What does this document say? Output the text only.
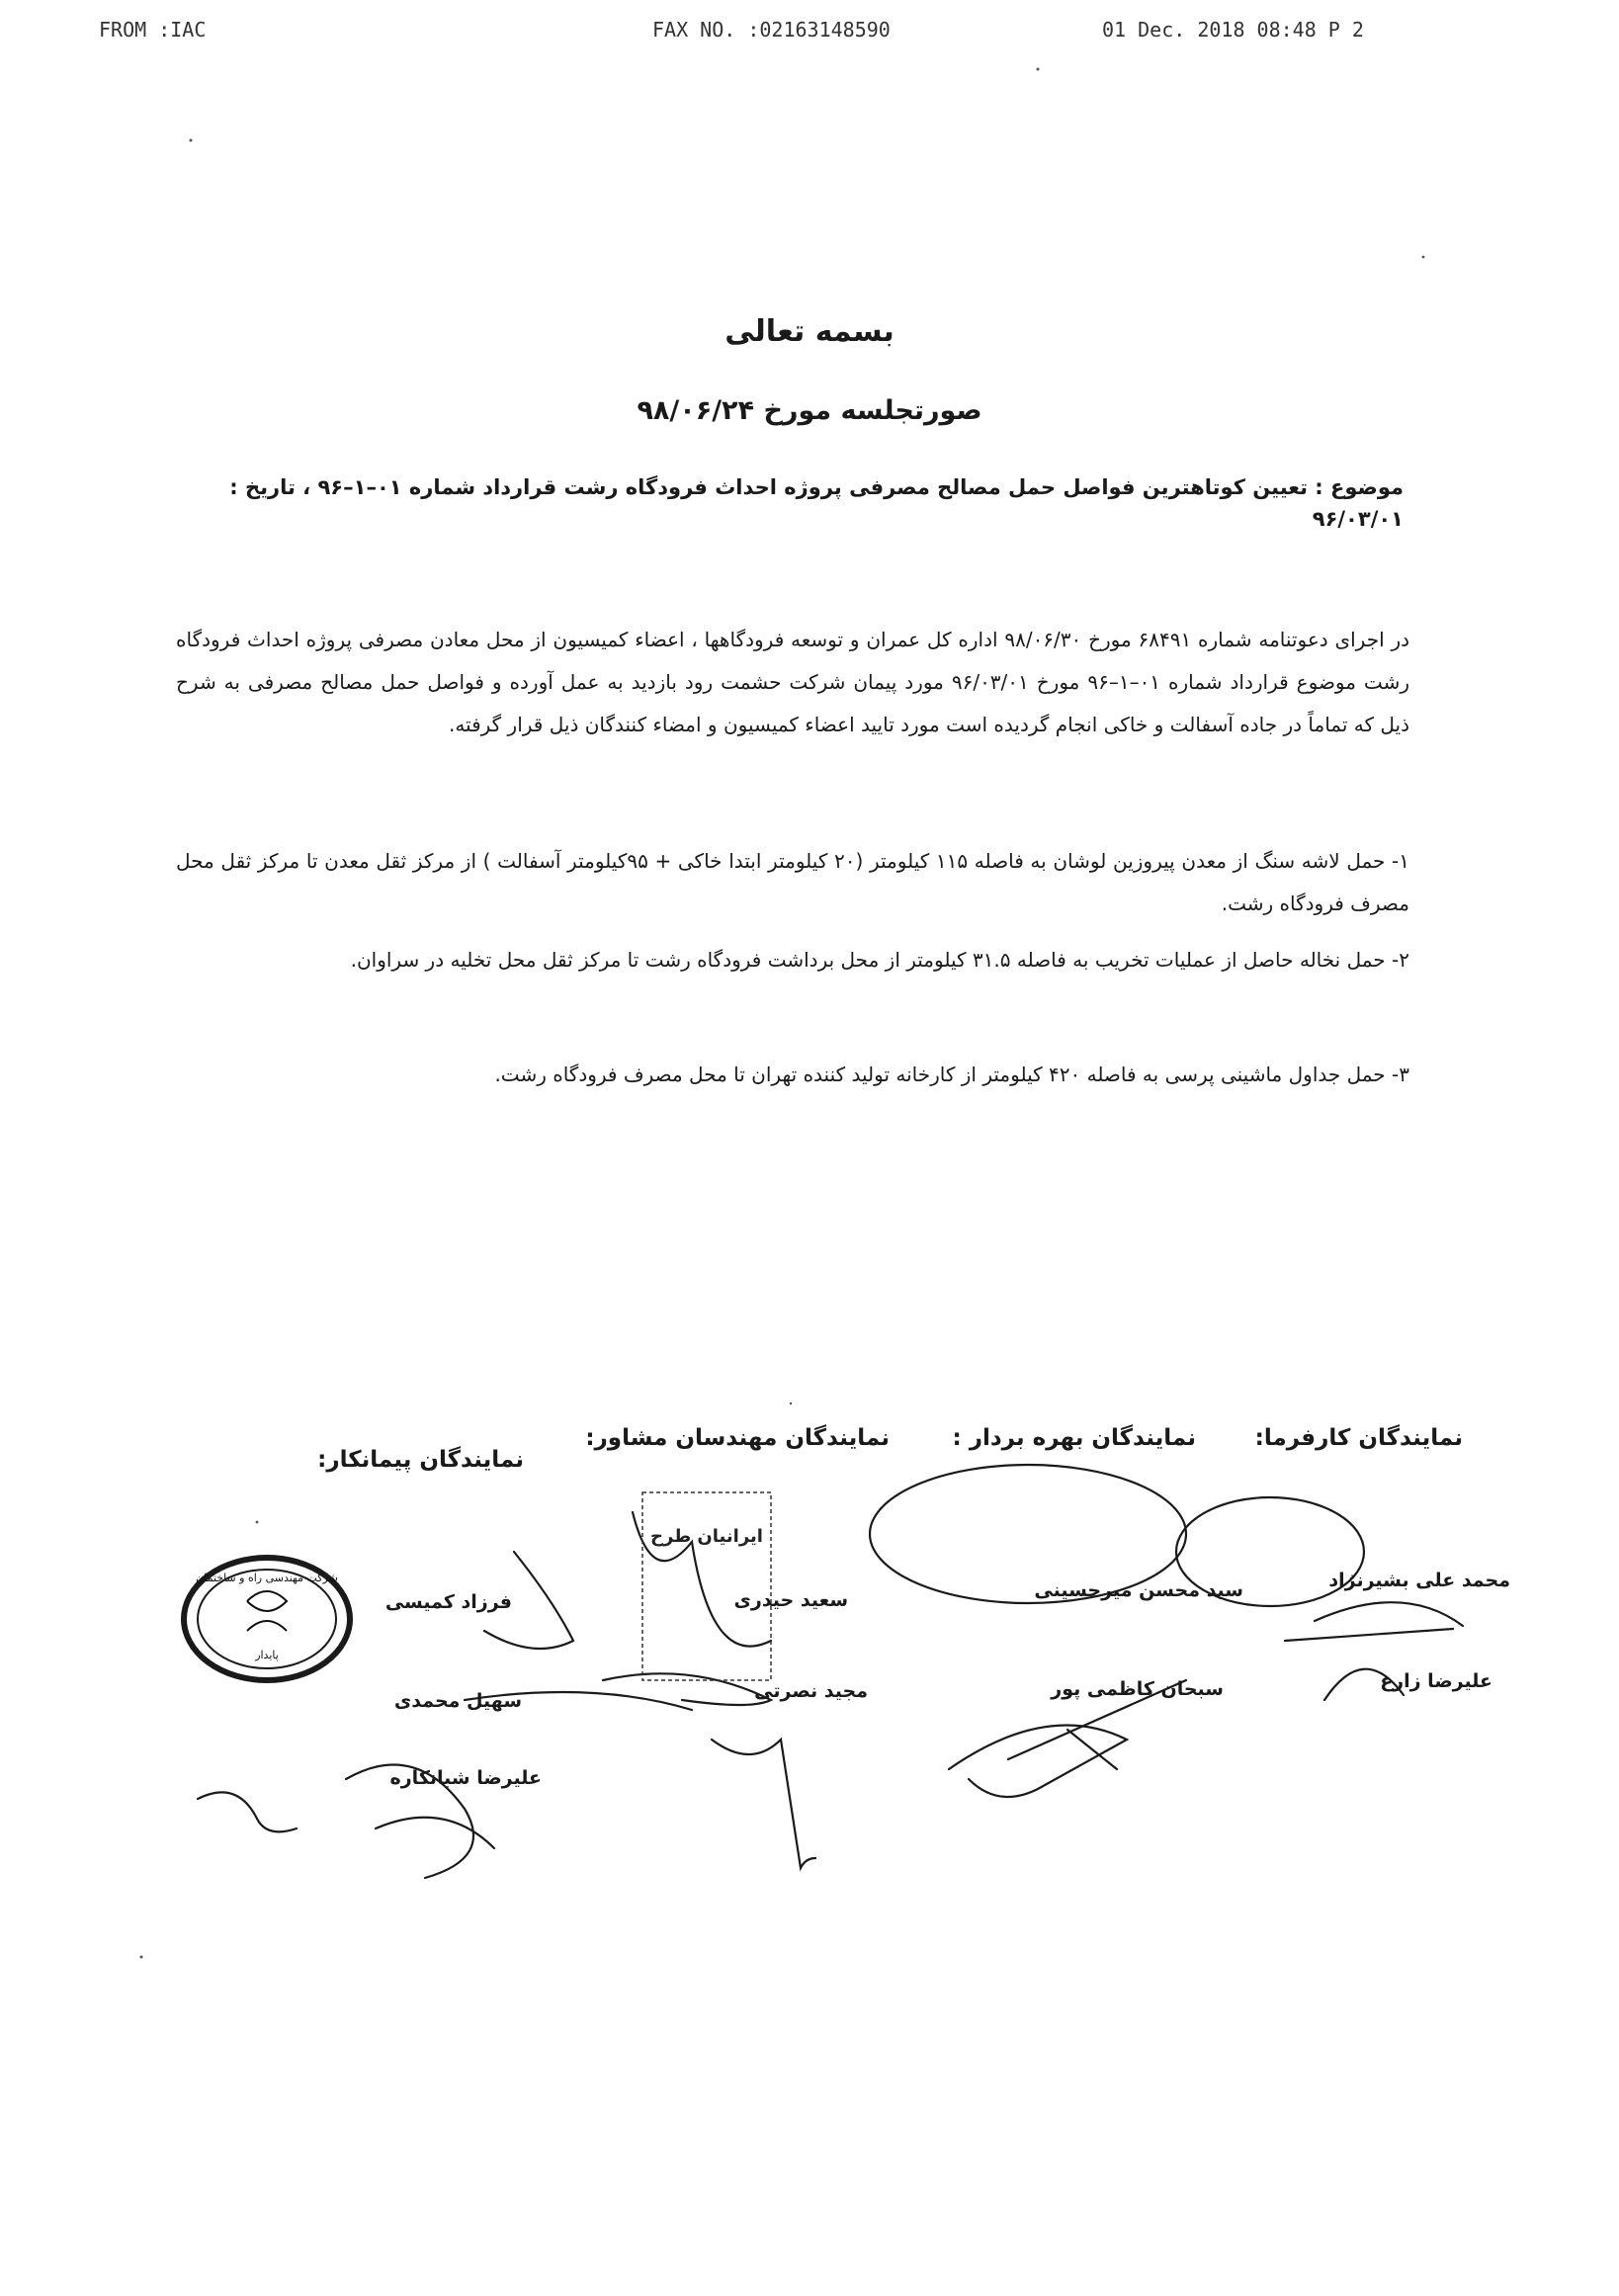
FROM :IAC	FAX NO. :02163148590	01 Dec. 2018 08:48 P 2
بسمه تعالی
صورتجلسه مورخ ۹۸/۰۶/۲۴
موضوع : تعیین کوتاهترین فواصل حمل مصالح مصرفی پروژه احداث فرودگاه رشت قرارداد شماره ۰۱–۱–۹۶ ، تاریخ : ۹۶/۰۳/۰۱
در اجرای دعوتنامه شماره ۶۸۴۹۱ مورخ ۹۸/۰۶/۳۰ اداره کل عمران و توسعه فرودگاهها ، اعضاء کمیسیون از محل معادن مصرفی پروژه احداث فرودگاه رشت موضوع قرارداد شماره ۰۱–۱–۹۶ مورخ ۹۶/۰۳/۰۱ مورد پیمان شرکت حشمت رود بازدید به عمل آورده و فواصل حمل مصالح مصرفی به شرح ذیل که تماماً در جاده آسفالت و خاکی انجام گردیده است مورد تایید اعضاء کمیسیون و امضاء کنندگان ذیل قرار گرفته.
۱- حمل لاشه سنگ از معدن پیروزین لوشان به فاصله ۱۱۵ کیلومتر (۲۰ کیلومتر ابتدا خاکی + ۹۵کیلومتر آسفالت ) از مرکز ثقل معدن تا مرکز ثقل محل مصرف فرودگاه رشت.
۲- حمل نخاله حاصل از عملیات تخریب به فاصله ۳۱.۵ کیلومتر از محل برداشت فرودگاه رشت تا مرکز ثقل محل تخلیه در سراوان.
۳- حمل جداول ماشینی پرسی به فاصله ۴۲۰ کیلومتر از کارخانه تولید کننده تهران تا محل مصرف فرودگاه رشت.
نمایندگان کارفرما:
نمایندگان بهره بردار :
نمایندگان مهندسان مشاور:
نمایندگان پیمانکار:
محمد علی بشیرنژاد
علیرضا زارع
سید محسن میرحسینی
سبحان کاظمی پور
سعید حیدری
مجید نصرتی
فرزاد کمیسی
سهیل محمدی
علیرضا شبانکاره
ایرانیان طرح
شرکت مهندسی راه و ساختمان
پایدار
